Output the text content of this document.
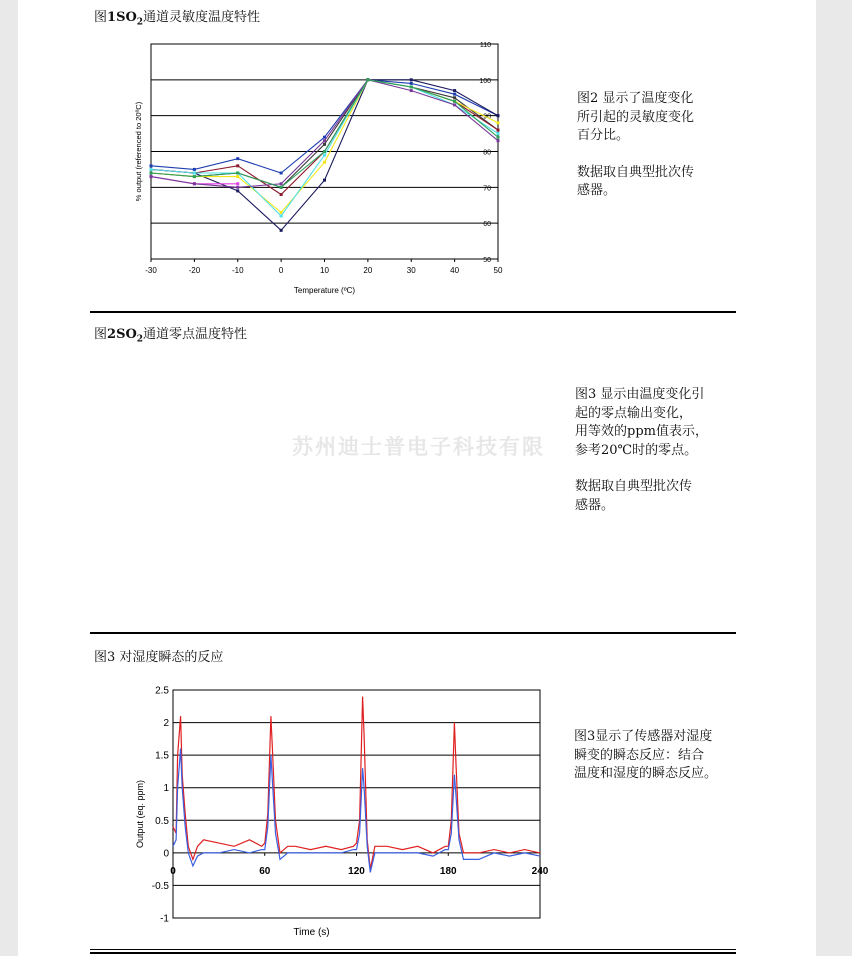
图$1SO_2$通道灵敏度温度特性
50
60
70
80
90
100
110
-30	-20	-10	0	10	20	30	40	50
Temperature (ºC)
% output (referenced to 20ºC)

图2 显示了温度变化
所引起的灵敏度变化
百分比。

数据取自典型批次传
感器。

图$2SO_2$通道零点温度特性
苏州迪士普电子科技有限

图3 显示由温度变化引
起的零点输出变化，
用等效的ppm值表示，
参考20℃时的零点。

数据取自典型批次传
感器。

图3 对湿度瞬态的反应
-1
-0.5
0
0.5
1
1.5
2
2.5
0	60	120	180	240
Time (s)
Output (eq. ppm)
图3显示了传感器对湿度
瞬变的瞬态反应：结合
温度和湿度的瞬态反应。
